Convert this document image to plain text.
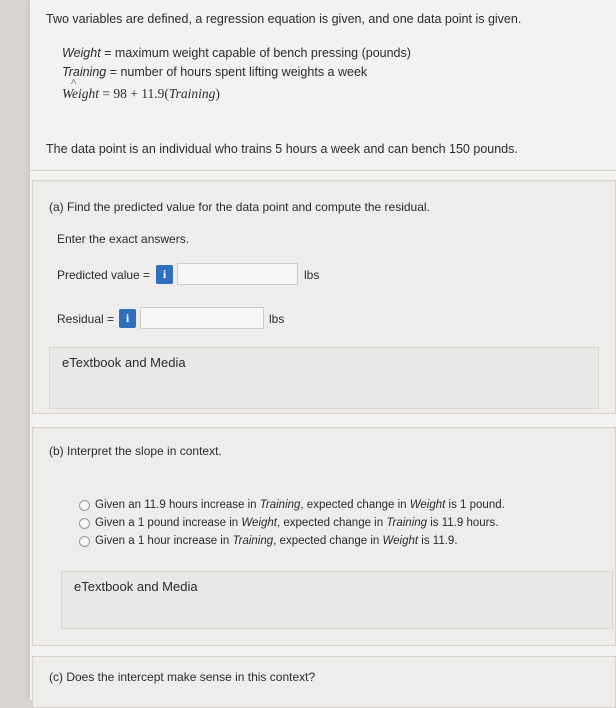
Two variables are defined, a regression equation is given, and one data point is given.
Weight = maximum weight capable of bench pressing (pounds)
Training = number of hours spent lifting weights a week
^
Weight = 98 + 11.9(Training)
The data point is an individual who trains 5 hours a week and can bench 150 pounds.
(a) Find the predicted value for the data point and compute the residual.
Enter the exact answers.
Predicted value =	i	lbs
Residual = i	lbs
eTextbook and Media
(b) Interpret the slope in context.
Given an 11.9 hours increase in Training, expected change in Weight is 1 pound.
Given a 1 pound increase in Weight, expected change in Training is 11.9 hours.
Given a 1 hour increase in Training, expected change in Weight is 11.9.
eTextbook and Media
(c) Does the intercept make sense in this context?
